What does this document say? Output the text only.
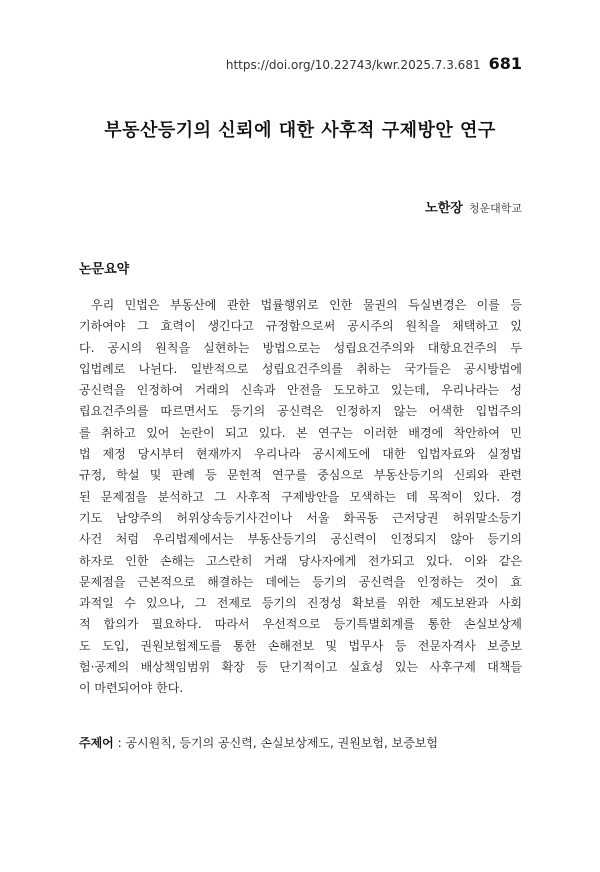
https://doi.org/10.22743/kwr.2025.7.3.681 681
부동산등기의 신뢰에 대한 사후적 구제방안 연구
노한장 청운대학교
논문요약
우리 민법은 부동산에 관한 법률행위로 인한 물권의 득실변경은 이를 등
기하여야 그 효력이 생긴다고 규정함으로써 공시주의 원칙을 채택하고 있
다. 공시의 원칙을 실현하는 방법으로는 성립요건주의와 대항요건주의 두
입법례로 나뉜다. 일반적으로 성립요건주의를 취하는 국가들은 공시방법에
공신력을 인정하여 거래의 신속과 안전을 도모하고 있는데, 우리나라는 성
립요건주의를 따르면서도 등기의 공신력은 인정하지 않는 어색한 입법주의
를 취하고 있어 논란이 되고 있다. 본 연구는 이러한 배경에 착안하여 민
법 제정 당시부터 현재까지 우리나라 공시제도에 대한 입법자료와 실정법
규정, 학설 및 판례 등 문헌적 연구를 중심으로 부동산등기의 신뢰와 관련
된 문제점을 분석하고 그 사후적 구제방안을 모색하는 데 목적이 있다. 경
기도 남양주의 허위상속등기사건이나 서울 화곡동 근저당권 허위말소등기
사건 처럼 우리법제에서는 부동산등기의 공신력이 인정되지 않아 등기의
하자로 인한 손해는 고스란히 거래 당사자에게 전가되고 있다. 이와 같은
문제점을 근본적으로 해결하는 데에는 등기의 공신력을 인정하는 것이 효
과적일 수 있으나, 그 전제로 등기의 진정성 확보를 위한 제도보완과 사회
적 합의가 필요하다. 따라서 우선적으로 등기특별회계를 통한 손실보상제
도 도입, 권원보험제도를 통한 손해전보 및 법무사 등 전문자격사 보증보
험·공제의 배상책임범위 확장 등 단기적이고 실효성 있는 사후구제 대책들
이 마련되어야 한다.
주제어 : 공시원칙, 등기의 공신력, 손실보상제도, 권원보험, 보증보험
